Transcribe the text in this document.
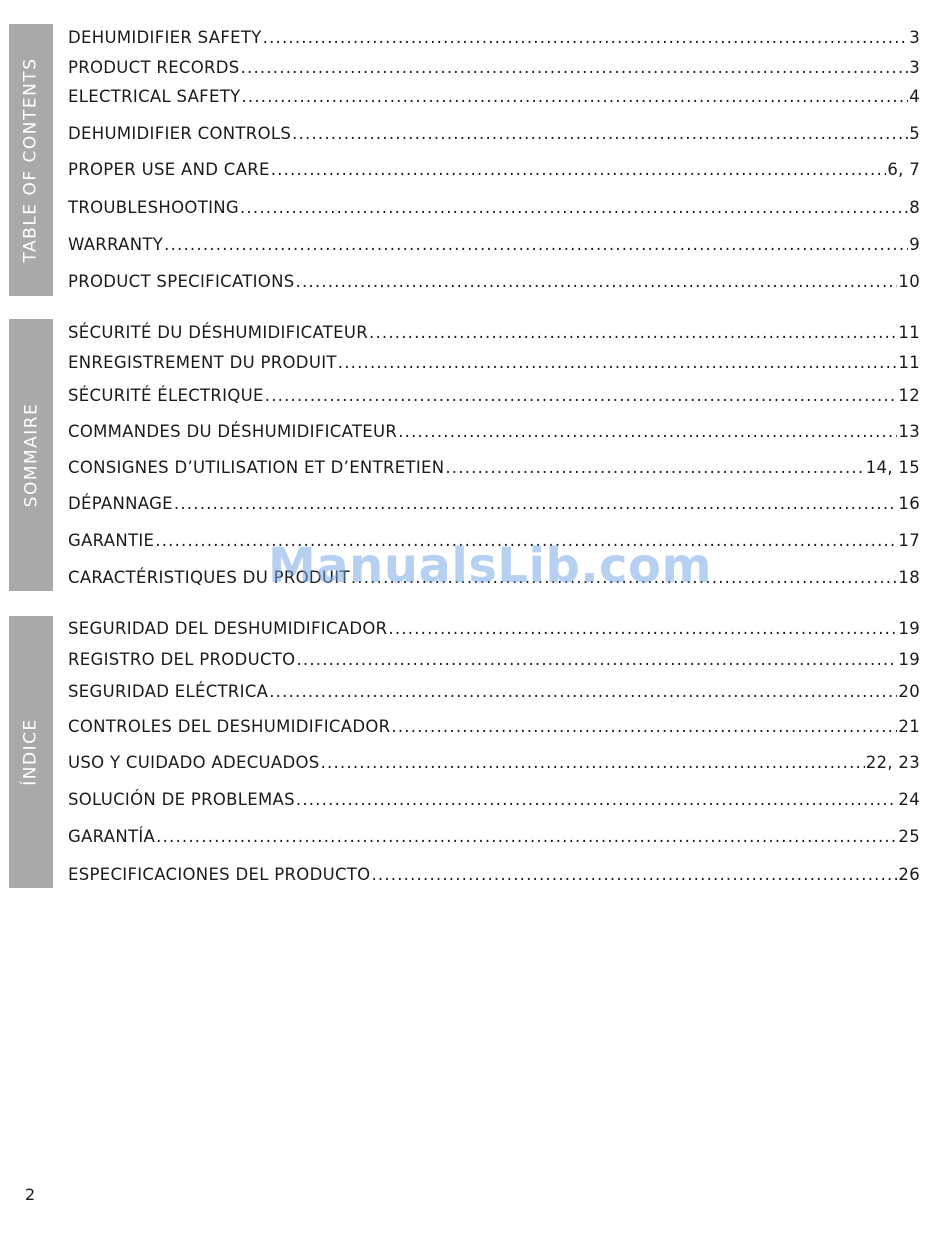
TABLE OF CONTENTS
DEHUMIDIFIER SAFETY .....	3
PRODUCT RECORDS .....	3
ELECTRICAL SAFETY .....	4
DEHUMIDIFIER CONTROLS .....	5
PROPER USE AND CARE .....	6, 7
TROUBLESHOOTING .....	8
WARRANTY .....	9
PRODUCT SPECIFICATIONS .....	10
SOMMAIRE
SÉCURITÉ DU DÉSHUMIDIFICATEUR .....	11
ENREGISTREMENT DU PRODUIT .....	11
SÉCURITÉ ÉLECTRIQUE .....	12
COMMANDES DU DÉSHUMIDIFICATEUR .....	13
CONSIGNES D’UTILISATION ET D’ENTRETIEN .....	14, 15
DÉPANNAGE .....	16
GARANTIE .....	17
CARACTÉRISTIQUES DU PRODUIT .....	18
ÍNDICE
SEGURIDAD DEL DESHUMIDIFICADOR .....	19
REGISTRO DEL PRODUCTO .....	19
SEGURIDAD ELÉCTRICA .....	20
CONTROLES DEL DESHUMIDIFICADOR .....	21
USO Y CUIDADO ADECUADOS .....	22, 23
SOLUCIÓN DE PROBLEMAS .....	24
GARANTÍA .....	25
ESPECIFICACIONES DEL PRODUCTO .....	26
ManualsLib.com
2
